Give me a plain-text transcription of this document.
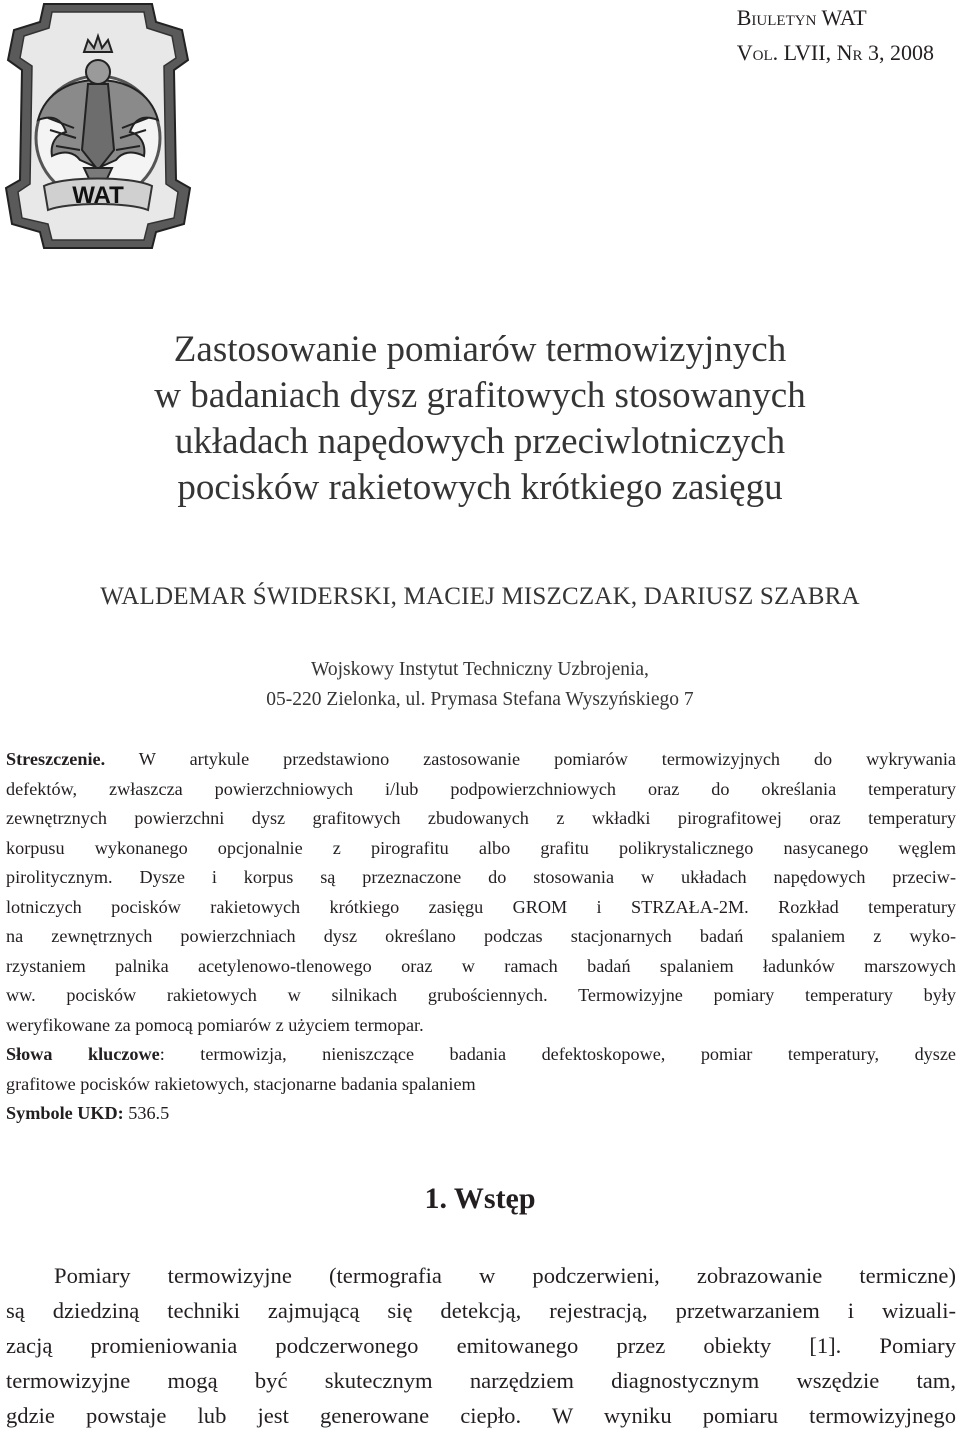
WAT
Biuletyn WAT
Vol. LVII, Nr 3, 2008
Zastosowanie pomiarów termowizyjnych
w badaniach dysz grafitowych stosowanych
układach napędowych przeciwlotniczych
pocisków rakietowych krótkiego zasięgu
WALDEMAR ŚWIDERSKI, MACIEJ MISZCZAK, DARIUSZ SZABRA
Wojskowy Instytut Techniczny Uzbrojenia,
05-220 Zielonka, ul. Prymasa Stefana Wyszyńskiego 7
Streszczenie. W artykule przedstawiono zastosowanie pomiarów termowizyjnych do wykrywania
defektów, zwłaszcza powierzchniowych i/lub podpowierzchniowych oraz do określania temperatury
zewnętrznych powierzchni dysz grafitowych zbudowanych z wkładki pirografitowej oraz temperatury
korpusu wykonanego opcjonalnie z pirografitu albo grafitu polikrystalicznego nasycanego węglem
pirolitycznym. Dysze i korpus są przeznaczone do stosowania w układach napędowych przeciw-
lotniczych pocisków rakietowych krótkiego zasięgu GROM i STRZAŁA-2M. Rozkład temperatury
na zewnętrznych powierzchniach dysz określano podczas stacjonarnych badań spalaniem z wyko-
rzystaniem palnika acetylenowo-tlenowego oraz w ramach badań spalaniem ładunków marszowych
ww. pocisków rakietowych w silnikach grubościennych. Termowizyjne pomiary temperatury były
weryfikowane za pomocą pomiarów z użyciem termopar.
Słowa kluczowe: termowizja, nieniszczące badania defektoskopowe, pomiar temperatury, dysze
grafitowe pocisków rakietowych, stacjonarne badania spalaniem
Symbole UKD: 536.5
1. Wstęp
Pomiary termowizyjne (termografia w podczerwieni, zobrazowanie termiczne)
są dziedziną techniki zajmującą się detekcją, rejestracją, przetwarzaniem i wizuali-
zacją promieniowania podczerwonego emitowanego przez obiekty [1]. Pomiary
termowizyjne mogą być skutecznym narzędziem diagnostycznym wszędzie tam,
gdzie powstaje lub jest generowane ciepło. W wyniku pomiaru termowizyjnego
